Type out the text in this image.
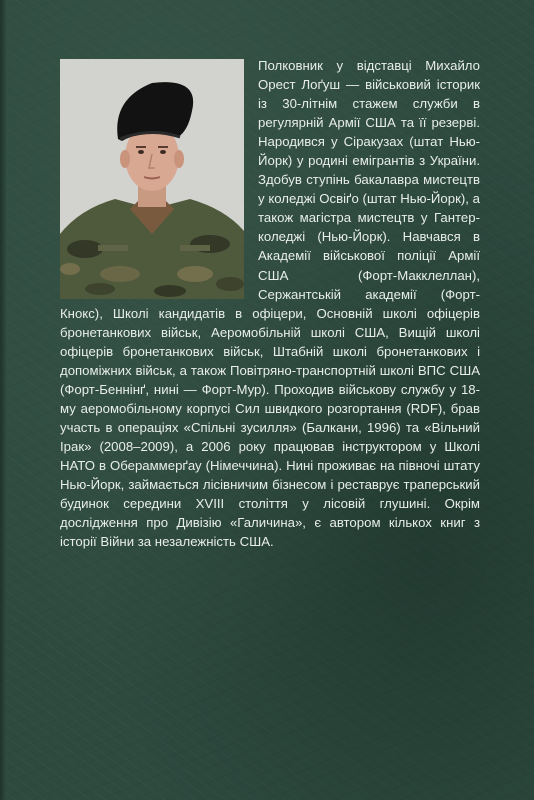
Полковник у відставці Михайло Орест Лоґуш — військовий історик із 30-літнім стажем служби в регулярній Армії США та її резерві. Народився у Сіракузах (штат Нью-Йорк) у родині емігрантів з України. Здобув ступінь бакалавра мистецтв у коледжі Освіґо (штат Нью-Йорк), а також магістра мистецтв у Гантер-коледжі (Нью-Йорк). Навчався в Академії військової поліції Армії США (Форт-Макклеллан), Сержантській академії (Форт-Кнокс), Школі кандидатів в офіцери, Основній школі офіцерів бронетанкових військ, Аеромобільній школі США, Вищій школі офіцерів бронетанкових військ, Штабній школі бронетанкових і допоміжних військ, а також Повітряно-транспортній школі ВПС США (Форт-Беннінґ, нині — Форт-Мур). Проходив військову службу у 18-му аеромобільному корпусі Сил швидкого розгортання (RDF), брав участь в операціях «Спільні зусилля» (Балкани, 1996) та «Вільний Ірак» (2008–2009), а 2006 року працював інструктором у Школі НАТО в Обераммерґау (Німеччина). Нині проживає на півночі штату Нью-Йорк, займається лісівничим бізнесом і реставрує траперський будинок середини XVIII століття у лісовій глушині. Окрім дослідження про Дивізію «Галичина», є автором кількох книг з історії Війни за незалежність США.
